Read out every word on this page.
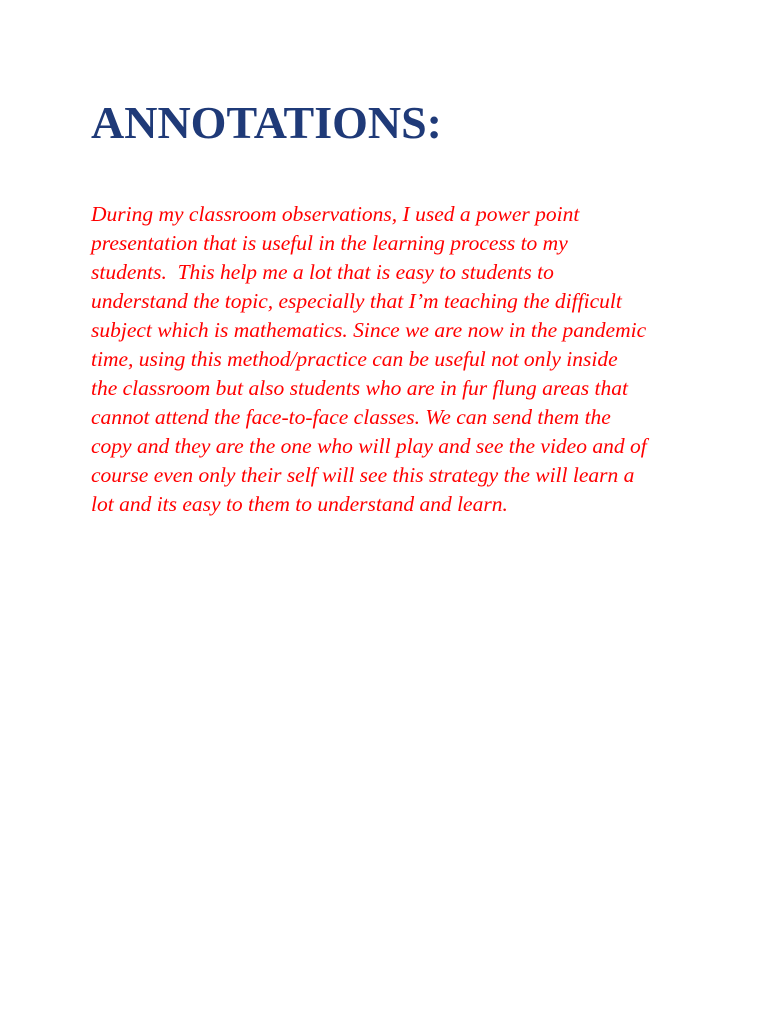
ANNOTATIONS:

During my classroom observations, I used a power point
presentation that is useful in the learning process to my
students.  This help me a lot that is easy to students to
understand the topic, especially that I’m teaching the difficult
subject which is mathematics. Since we are now in the pandemic
time, using this method/practice can be useful not only inside
the classroom but also students who are in fur flung areas that
cannot attend the face-to-face classes. We can send them the
copy and they are the one who will play and see the video and of
course even only their self will see this strategy the will learn a
lot and its easy to them to understand and learn.
